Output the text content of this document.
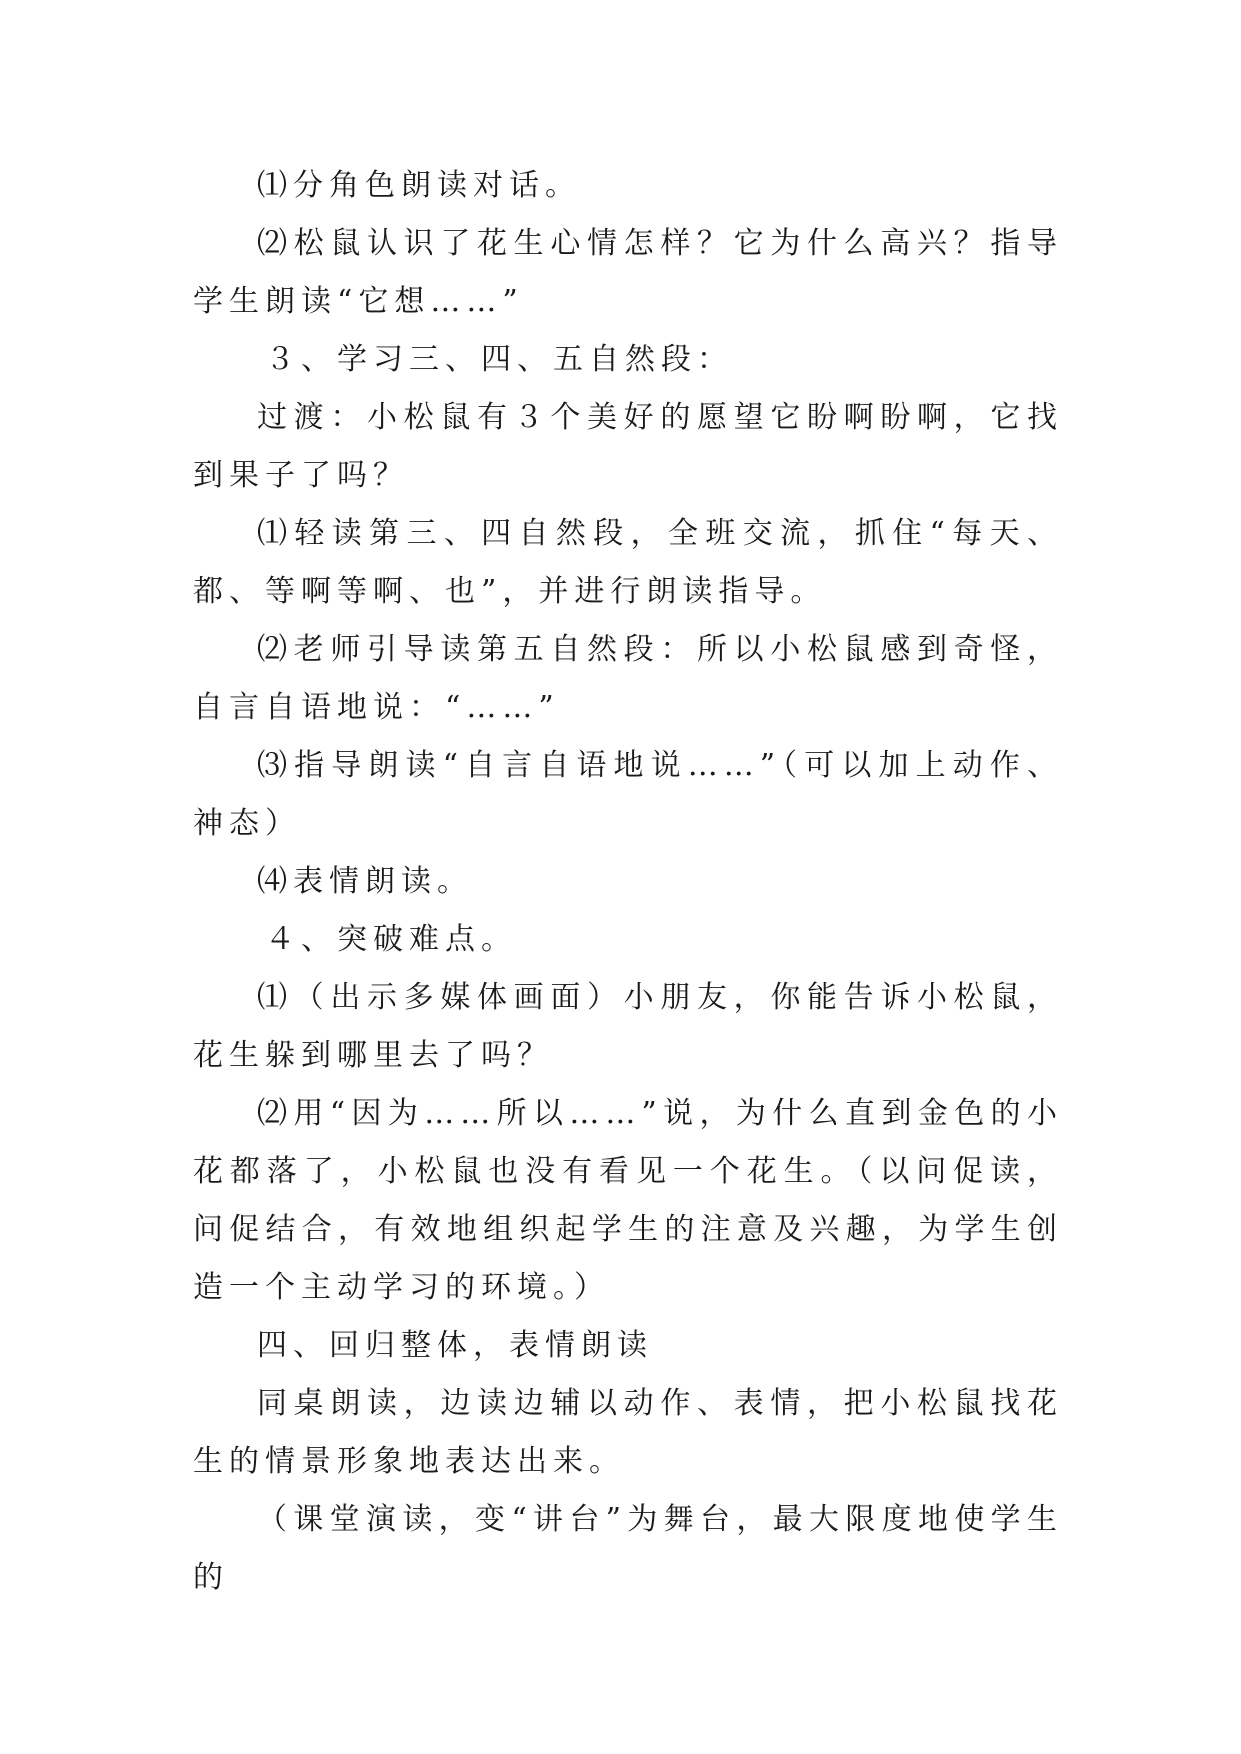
⑴分角色朗读对话。

⑵松鼠认识了花生心情怎样？它为什么高兴？指导学生朗读“它想……”

３、学习三、四、五自然段：

过渡：小松鼠有３个美好的愿望它盼啊盼啊，它找到果子了吗？

⑴轻读第三、四自然段，全班交流，抓住“每天、都、等啊等啊、也”，并进行朗读指导。

⑵老师引导读第五自然段：所以小松鼠感到奇怪，自言自语地说：“……”

⑶指导朗读“自言自语地说……”（可以加上动作、神态）

⑷表情朗读。

４、突破难点。

⑴（出示多媒体画面）小朋友，你能告诉小松鼠，花生躲到哪里去了吗？

⑵用“因为……所以……”说，为什么直到金色的小花都落了，小松鼠也没有看见一个花生。（以问促读，问促结合，有效地组织起学生的注意及兴趣，为学生创造一个主动学习的环境。）

四、回归整体，表情朗读

同桌朗读，边读边辅以动作、表情，把小松鼠找花生的情景形象地表达出来。

（课堂演读，变“讲台”为舞台，最大限度地使学生的
